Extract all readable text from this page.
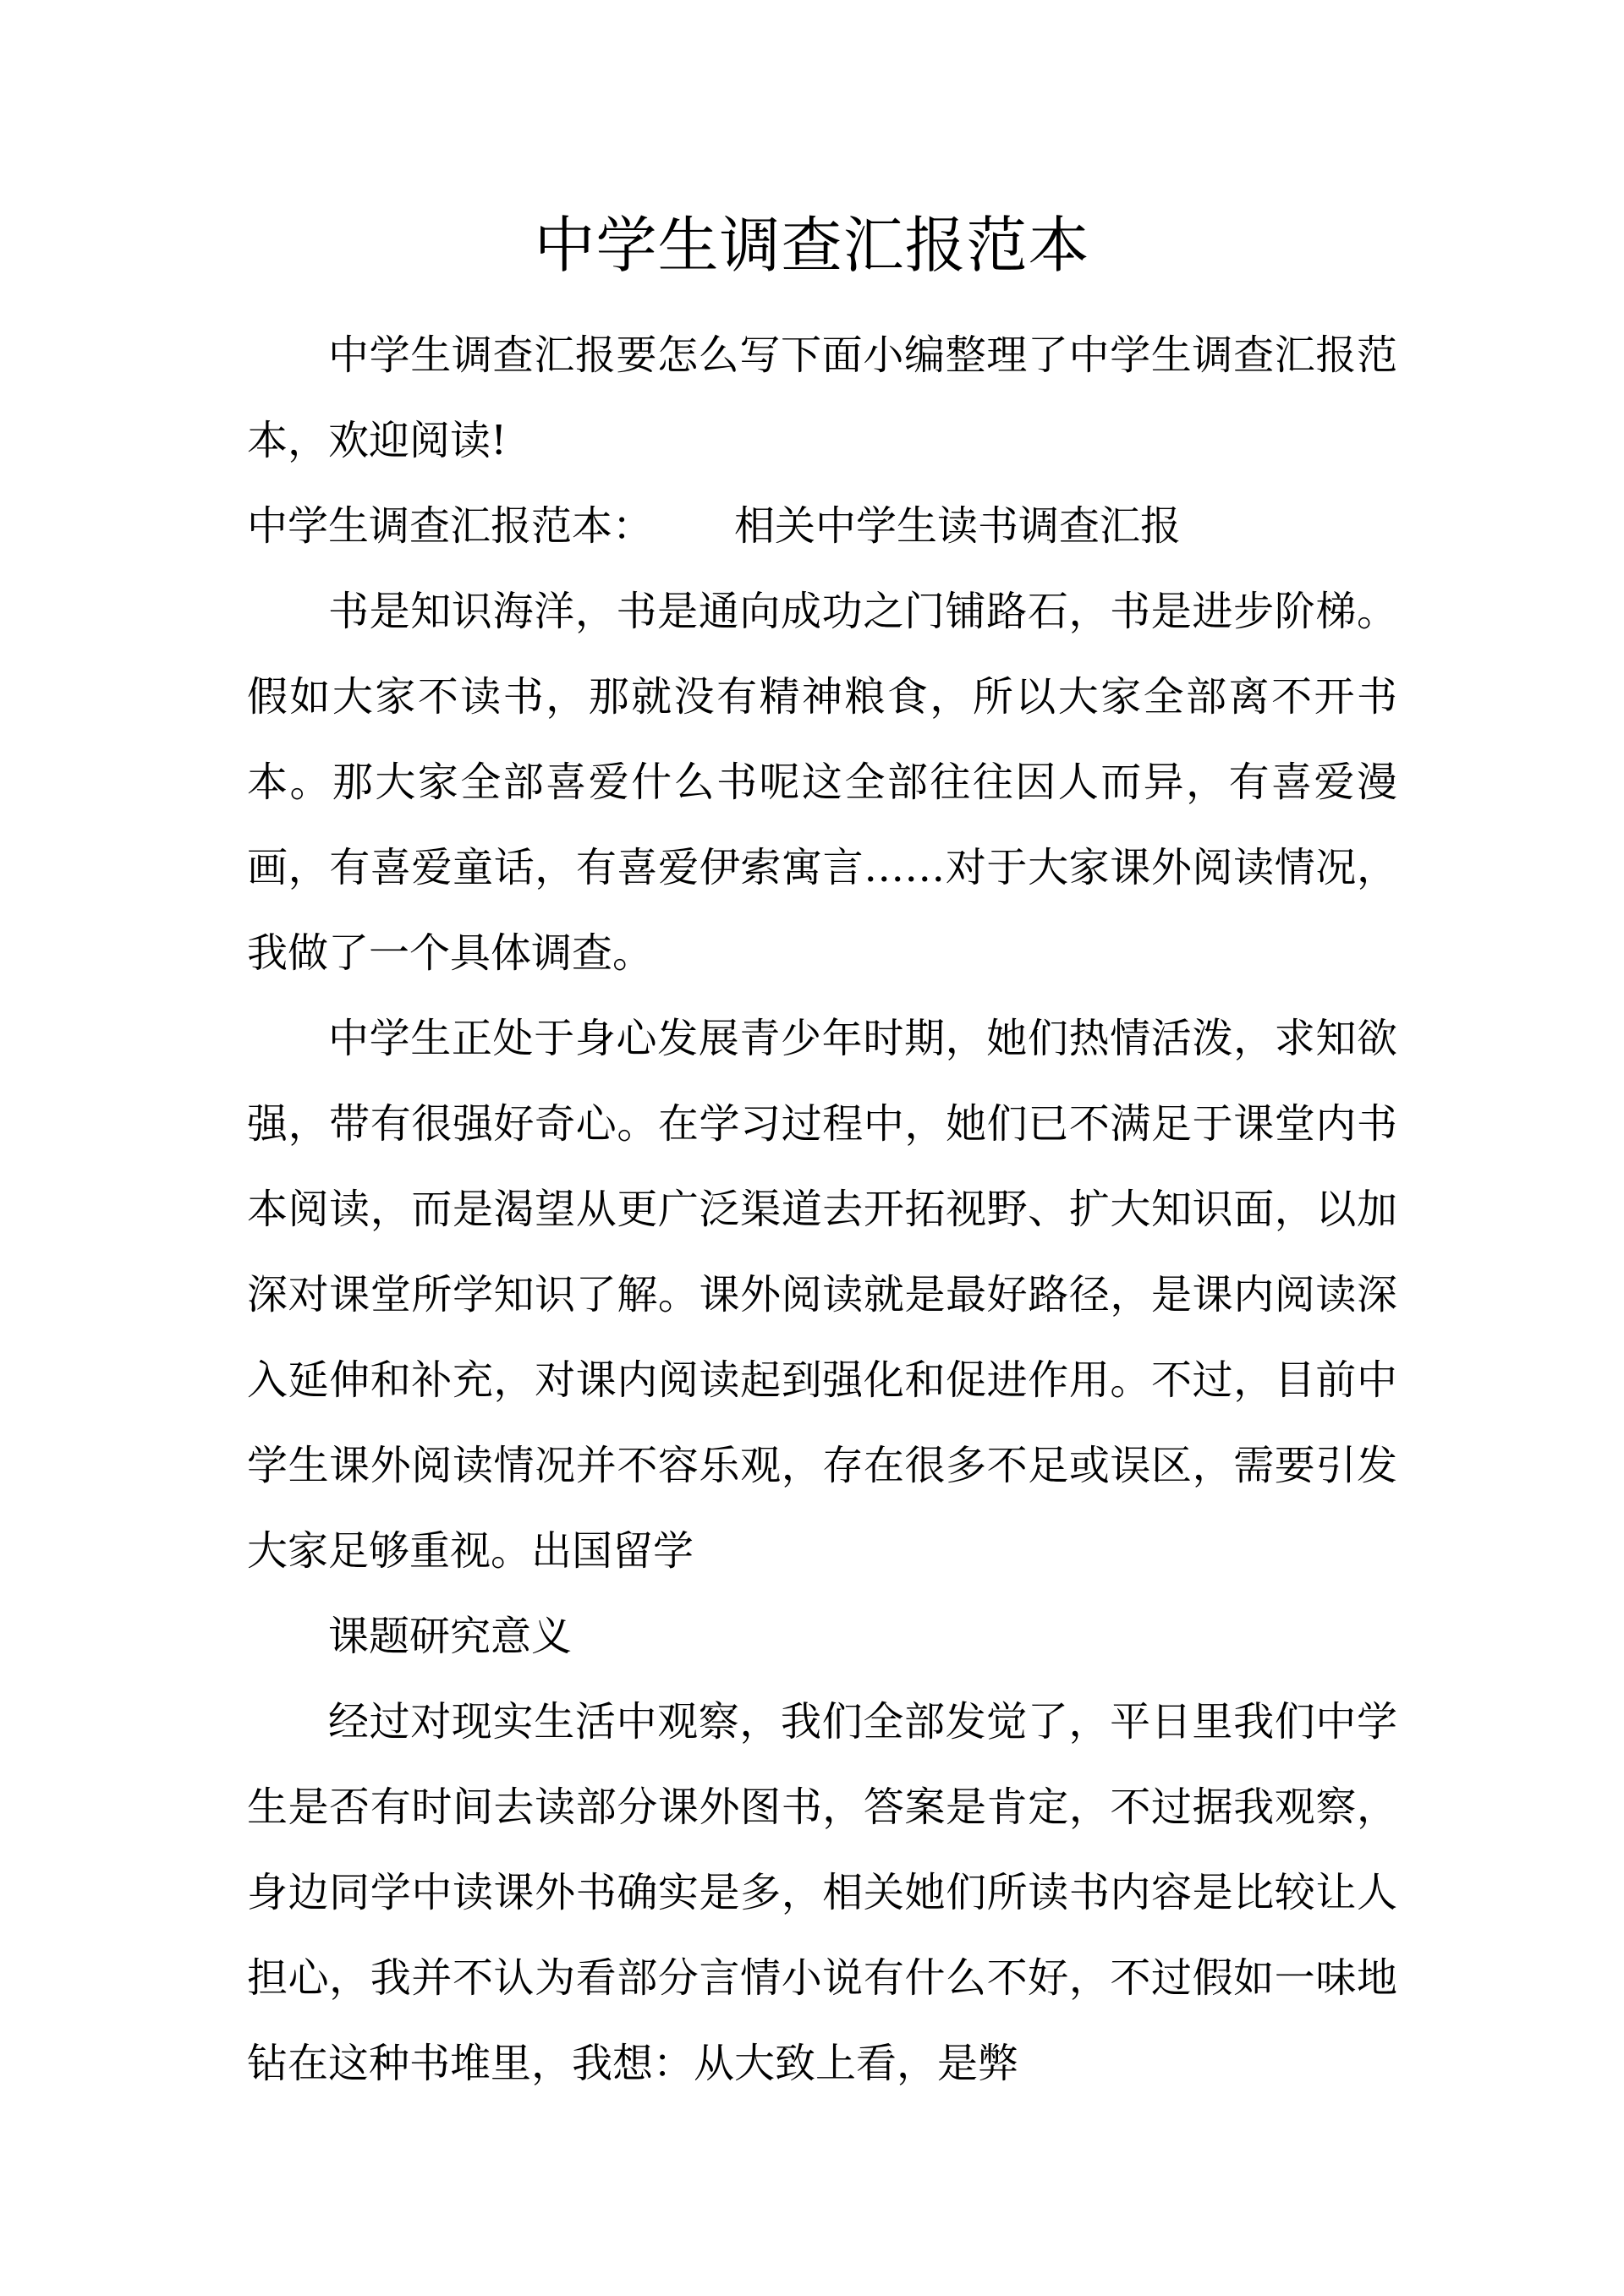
中学生调查汇报范本

中学生调查汇报要怎么写下面小编整理了中学生调查汇报范本，欢迎阅读!

中学生调查汇报范本： 相关中学生读书调查汇报

书是知识海洋，书是通向成功之门铺路石，书是进步阶梯。假如大家不读书，那就没有精神粮食，所以大家全部离不开书本。那大家全部喜爱什么书呢这全部往往因人而异，有喜爱漫画，有喜爱童话，有喜爱伊索寓言……对于大家课外阅读情况，我做了一个具体调查。

中学生正处于身心发展青少年时期，她们热情活泼，求知欲强，带有很强好奇心。在学习过程中，她们已不满足于课堂内书本阅读，而是渴望从更广泛渠道去开拓视野、扩大知识面，以加深对课堂所学知识了解。课外阅读就是最好路径，是课内阅读深入延伸和补充，对课内阅读起到强化和促进作用。不过，目前中学生课外阅读情况并不容乐观，存在很多不足或误区，需要引发大家足够重视。出国留学

课题研究意义

经过对现实生活中观察，我们全部发觉了，平日里我们中学生是否有时间去读部分课外图书，答案是肯定，不过据我观察，身边同学中读课外书确实是多，相关她们所读书内容是比较让人担心，我并不认为看部分言情小说有什么不好，不过假如一味地钻在这种书堆里，我想：从大致上看，是弊
